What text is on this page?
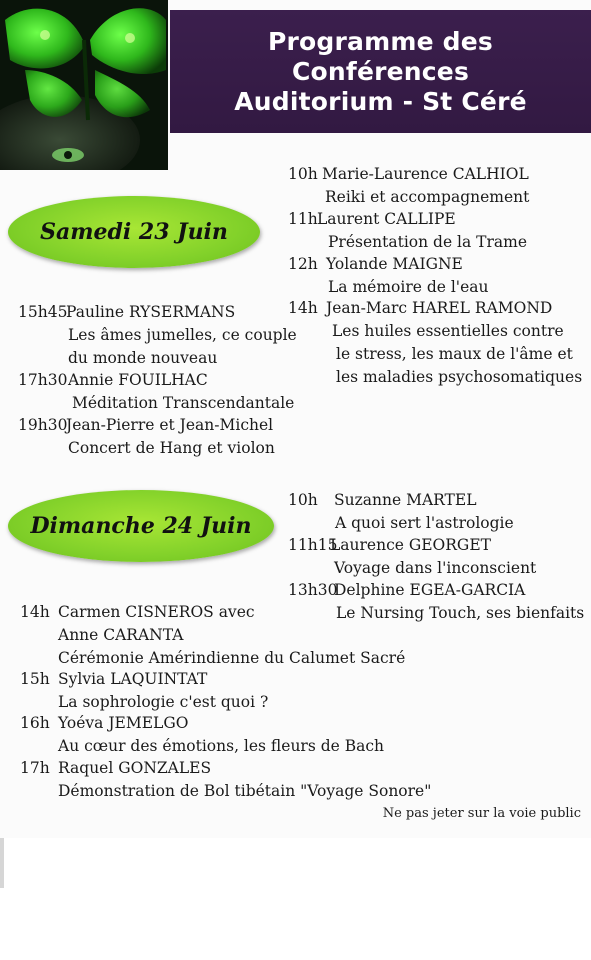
Programme des
Conférences
Auditorium - St Céré
Samedi 23 Juin
Dimanche 24 Juin
10h Marie-Laurence CALHIOL
Reiki et accompagnement
11h Laurent CALLIPE
Présentation de la Trame
12h Yolande MAIGNE
La mémoire de l'eau
14h Jean-Marc HAREL RAMOND
Les huiles essentielles contre
le stress, les maux de l'âme et
les maladies psychosomatiques
15h45
Pauline RYSERMANS
Les âmes jumelles, ce couple
du monde nouveau
17h30 Annie FOUILHAC
Méditation Transcendantale
19h30
Jean-Pierre et Jean-Michel
Concert de Hang et violon
10h Suzanne MARTEL
A quoi sert l'astrologie
11h15
Laurence GEORGET
Voyage dans l'inconscient
13h30
Delphine EGEA-GARCIA
Le Nursing Touch, ses bienfaits
14h Carmen CISNEROS avec
Anne CARANTA
Cérémonie Amérindienne du Calumet Sacré
15h Sylvia LAQUINTAT
La sophrologie c'est quoi ?
16h Yoéva JEMELGO
Au cœur des émotions, les fleurs de Bach
17h Raquel GONZALES
Démonstration de Bol tibétain "Voyage Sonore"
Ne pas jeter sur la voie public
